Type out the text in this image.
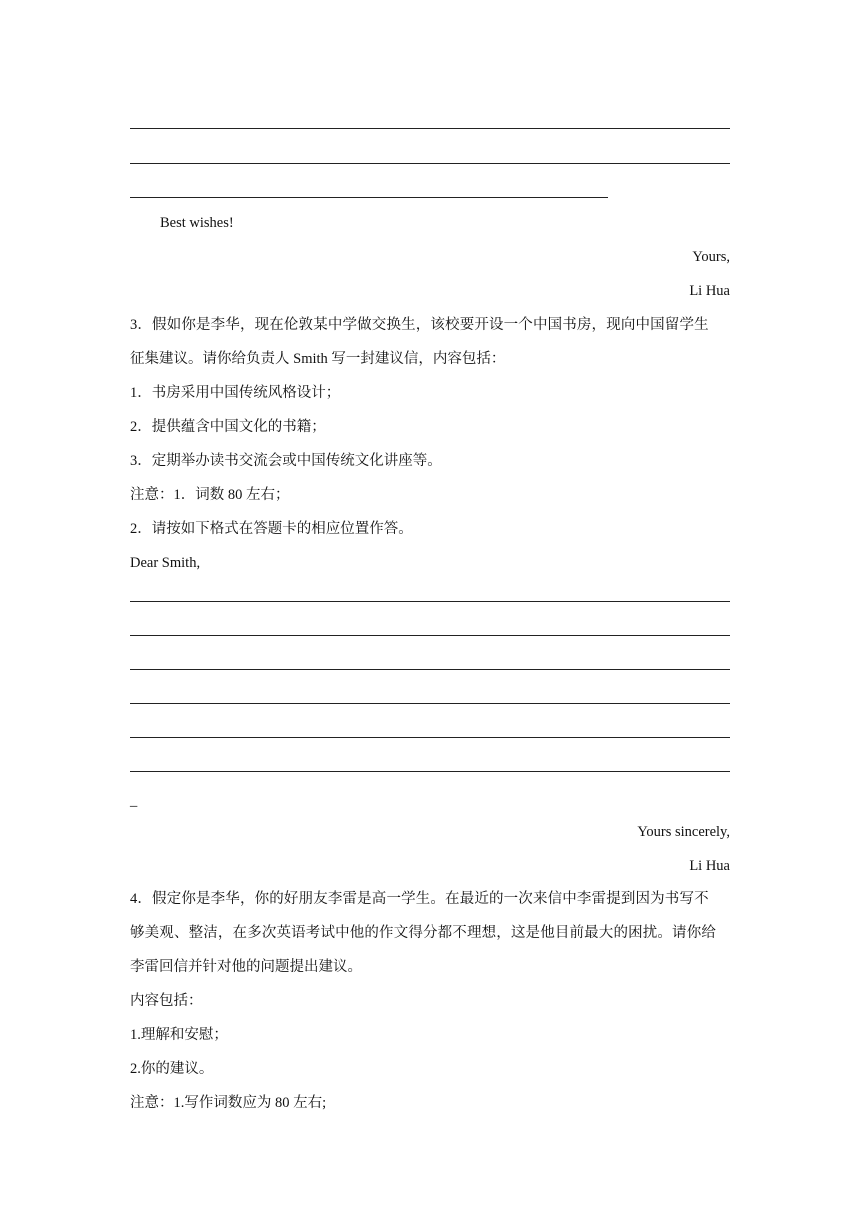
Best wishes!
Yours,
Li Hua
3．假如你是李华，现在伦敦某中学做交换生，该校要开设一个中国书房，现向中国留学生
征集建议。请你给负责人 Smith 写一封建议信，内容包括：
1．书房采用中国传统风格设计；
2．提供蕴含中国文化的书籍；
3．定期举办读书交流会或中国传统文化讲座等。
注意：1．词数 80 左右；
2．请按如下格式在答题卡的相应位置作答。
Dear Smith,
_
Yours sincerely,
Li Hua
4．假定你是李华，你的好朋友李雷是高一学生。在最近的一次来信中李雷提到因为书写不
够美观、整洁，在多次英语考试中他的作文得分都不理想，这是他目前最大的困扰。请你给
李雷回信并针对他的问题提出建议。
内容包括：
1.理解和安慰；
2.你的建议。
注意：1.写作词数应为 80 左右;
